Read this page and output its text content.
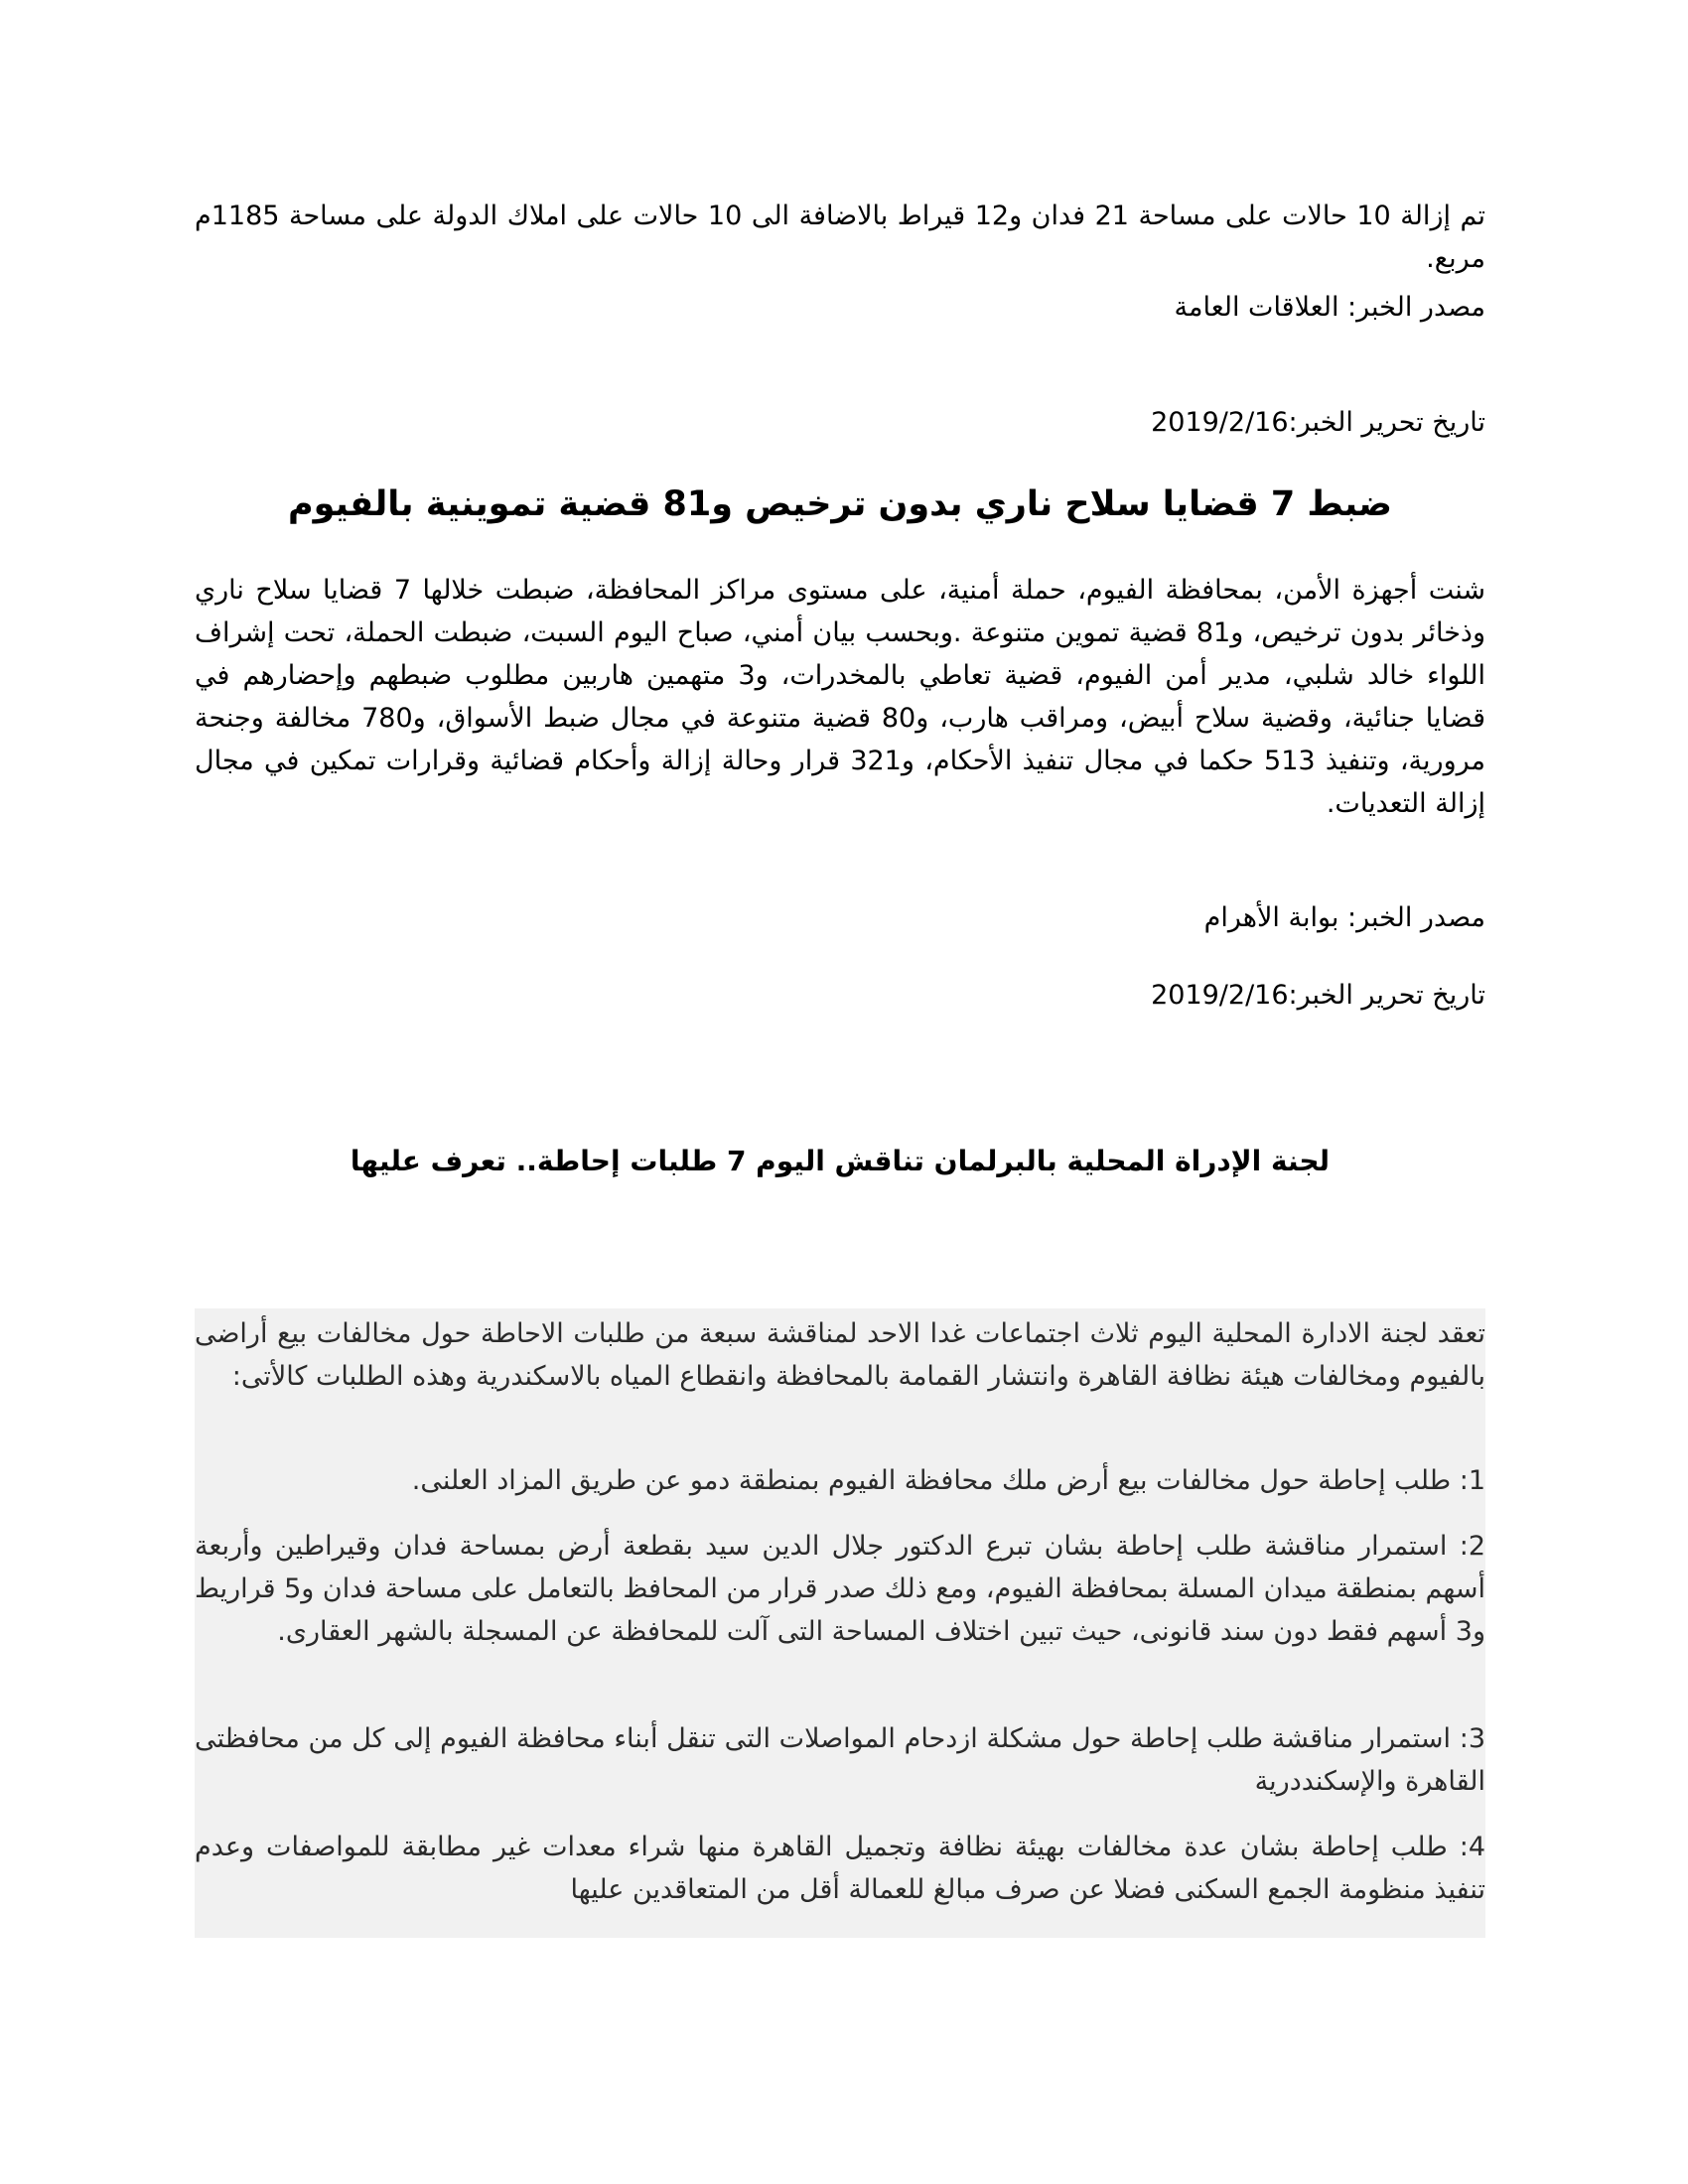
تم إزالة 10 حالات على مساحة 21 فدان و12 قيراط بالاضافة الى 10 حالات على املاك الدولة على مساحة 1185م مربع.
مصدر الخبر: العلاقات العامة
تاريخ تحرير الخبر:2019/2/16
ضبط 7 قضايا سلاح ناري بدون ترخيص و81 قضية تموينية بالفيوم
شنت أجهزة الأمن، بمحافظة الفيوم، حملة أمنية، على مستوى مراكز المحافظة، ضبطت خلالها 7 قضايا سلاح ناري وذخائر بدون ترخيص، و81 قضية تموين متنوعة .وبحسب بيان أمني، صباح اليوم السبت، ضبطت الحملة، تحت إشراف اللواء خالد شلبي، مدير أمن الفيوم، قضية تعاطي بالمخدرات، و3 متهمين هاربين مطلوب ضبطهم وإحضارهم في قضايا جنائية، وقضية سلاح أبيض، ومراقب هارب، و80 قضية متنوعة في مجال ضبط الأسواق، و780 مخالفة وجنحة مرورية، وتنفيذ 513 حكما في مجال تنفيذ الأحكام، و321 قرار وحالة إزالة وأحكام قضائية وقرارات تمكين في مجال إزالة التعديات.
مصدر الخبر: بوابة الأهرام
تاريخ تحرير الخبر:2019/2/16
لجنة الإدراة المحلية بالبرلمان تناقش اليوم 7 طلبات إحاطة.. تعرف عليها
تعقد لجنة الادارة المحلية اليوم ثلاث اجتماعات غدا الاحد لمناقشة سبعة من طلبات الاحاطة حول مخالفات بيع أراضى بالفيوم ومخالفات هيئة نظافة القاهرة وانتشار القمامة بالمحافظة وانقطاع المياه بالاسكندرية وهذه الطلبات كالأتى:
1: طلب إحاطة حول مخالفات بيع أرض ملك محافظة الفيوم بمنطقة دمو عن طريق المزاد العلنى.
2: استمرار مناقشة طلب إحاطة بشان تبرع الدكتور جلال الدين سيد بقطعة أرض بمساحة فدان وقيراطين وأربعة أسهم بمنطقة ميدان المسلة بمحافظة الفيوم، ومع ذلك صدر قرار من المحافظ بالتعامل على مساحة فدان و5 قراريط و3 أسهم فقط دون سند قانونى، حيث تبين اختلاف المساحة التى آلت للمحافظة عن المسجلة بالشهر العقارى.
3: استمرار مناقشة طلب إحاطة حول مشكلة ازدحام المواصلات التى تنقل أبناء محافظة الفيوم إلى كل من محافظتى القاهرة والإسكنددرية
4: طلب إحاطة بشان عدة مخالفات بهيئة نظافة وتجميل القاهرة منها شراء معدات غير مطابقة للمواصفات وعدم تنفيذ منظومة الجمع السكنى فضلا عن صرف مبالغ للعمالة أقل من المتعاقدين عليها
